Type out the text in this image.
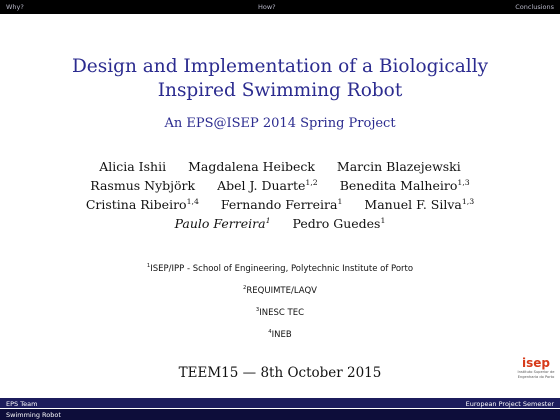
Why?	How?	Conclusions
Design and Implementation of a Biologically
Inspired Swimming Robot
An EPS@ISEP 2014 Spring Project
Alicia Ishii Magdalena Heibeck Marcin Blazejewski
Rasmus Nybjörk Abel J. Duarte$^{1,2}$ Benedita Malheiro$^{1,3}$
Cristina Ribeiro$^{1,4}$ Fernando Ferreira$^1$ Manuel F. Silva$^{1,3}$
Paulo Ferreira$^1$ Pedro Guedes$^1$
$^1$ISEP/IPP - School of Engineering, Polytechnic Institute of Porto
$^2$REQUIMTE/LAQV
$^3$INESC TEC
$^4$INEB
TEEM15 — 8th October 2015
isep
Instituto Superior de
Engenharia do Porto
EPS Team	European Project Semester
Swimming Robot
